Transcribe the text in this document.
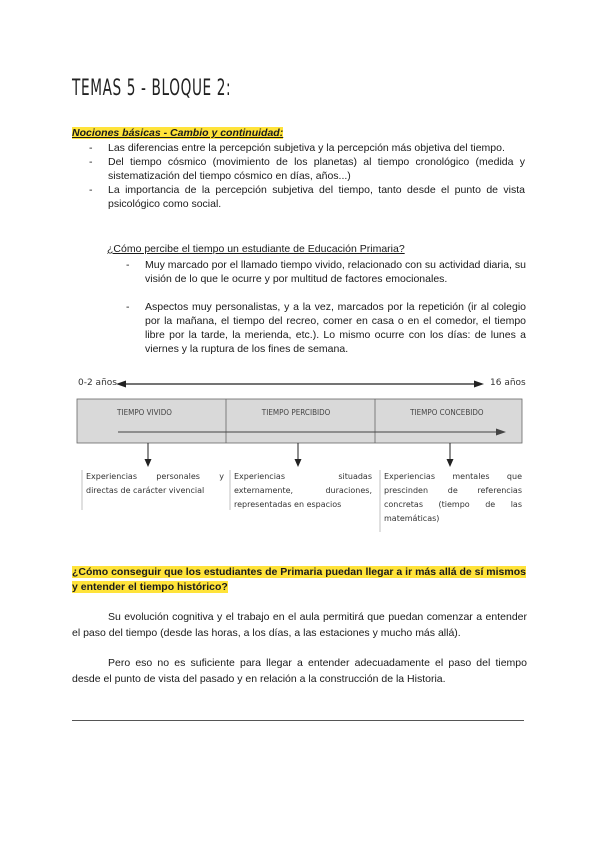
TEMAS 5 - BLOQUE 2:
Nociones básicas - Cambio y continuidad:
- Las diferencias entre la percepción subjetiva y la percepción más objetiva del tiempo.
- Del tiempo cósmico (movimiento de los planetas) al tiempo cronológico (medida y sistematización del tiempo cósmico en días, años...)
- La importancia de la percepción subjetiva del tiempo, tanto desde el punto de vista psicológico como social.
¿Cómo percibe el tiempo un estudiante de Educación Primaria?
- Muy marcado por el llamado tiempo vivido, relacionado con su actividad diaria, su visión de lo que le ocurre y por multitud de factores emocionales.
- Aspectos muy personalistas, y a la vez, marcados por la repetición (ir al colegio por la mañana, el tiempo del recreo, comer en casa o en el comedor, el tiempo libre por la tarde, la merienda, etc.). Lo mismo ocurre con los días: de lunes a viernes y la ruptura de los fines de semana.
0-2 años	16 años
TIEMPO VIVIDO	TIEMPO PERCIBIDO	TIEMPO CONCEBIDO
Experiencias personales y directas de carácter vivencial
Experiencias situadas externamente, duraciones, representadas en espacios
Experiencias mentales que prescinden de referencias concretas (tiempo de las matemáticas)
¿Cómo conseguir que los estudiantes de Primaria puedan llegar a ir más allá de sí mismos y entender el tiempo histórico?

Su evolución cognitiva y el trabajo en el aula permitirá que puedan comenzar a entender el paso del tiempo (desde las horas, a los días, a las estaciones y mucho más allá).

Pero eso no es suficiente para llegar a entender adecuadamente el paso del tiempo desde el punto de vista del pasado y en relación a la construcción de la Historia.
